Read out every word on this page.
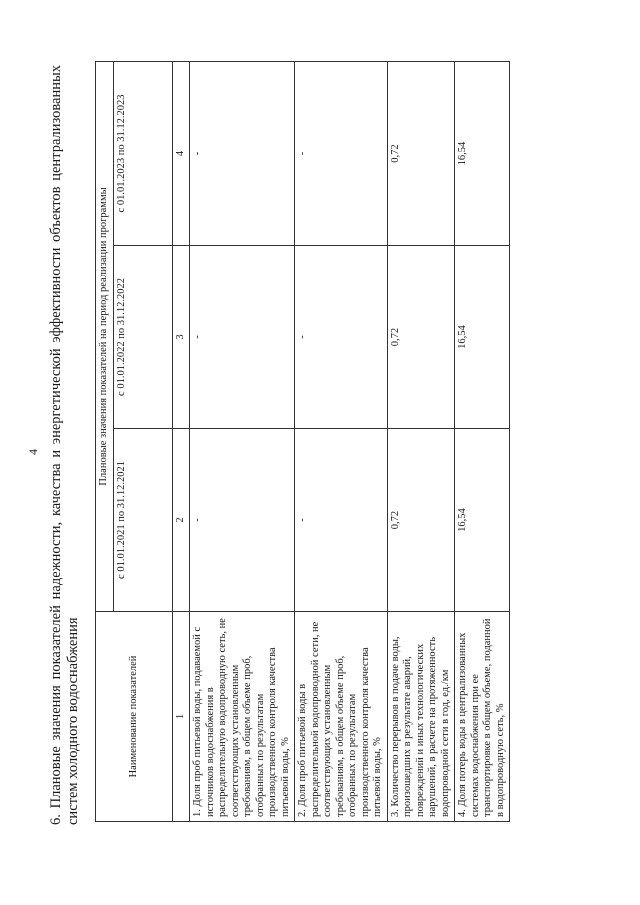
4 6. Плановые значения показателей надежности, качества и энергетической эффективности объектов централизованных систем холодного водоснабжения	Наименование показателей	Плановые значения показателей на период реализации программы		
	с 01.01.2021 по 31.12.2021	с 01.01.2022 по 31.12.2022	с 01.01.2023 по 31.12.2023
1	2	3	4
1. Доля проб питьевой воды, подаваемой с источников водоснабжения в распределительную водопроводную сеть, не соответствующих установленным требованиям, в общем объеме проб, отобранных по результатам производственного контроля качества питьевой воды, %	-	-	-
2. Доля проб питьевой воды в распределительной водопроводной сети, не соответствующих установленным требованиям, в общем объеме проб, отобранных по результатам производственного контроля качества питьевой воды, %	-	-	-
3. Количество перерывов в подаче воды, произошедших в результате аварий, повреждений и иных технологических нарушений, в расчете на протяженность водопроводной сети в год, ед./км	0,72	0,72	0,72
4. Доля потерь воды в централизованных системах водоснабжения при ее транспортировке в общем объеме, поданной в водопроводную сеть, %	16,54	16,54	16,54
